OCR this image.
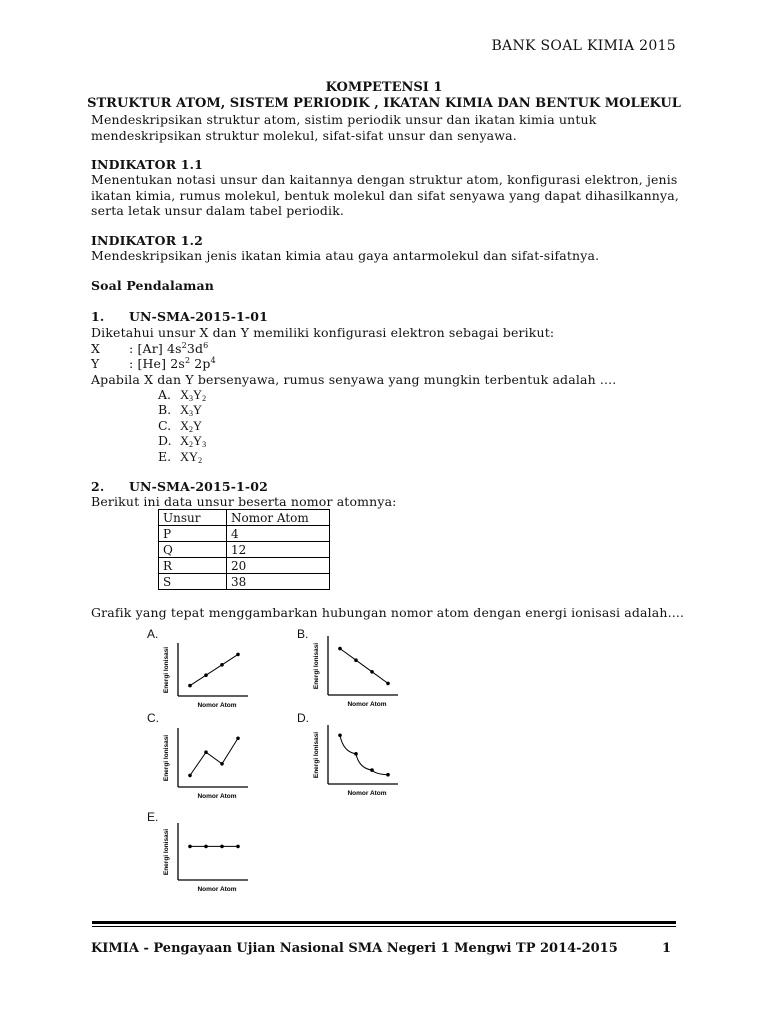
BANK SOAL KIMIA 2015
KOMPETENSI 1
STRUKTUR ATOM, SISTEM PERIODIK , IKATAN KIMIA DAN BENTUK MOLEKUL
Mendeskripsikan struktur atom, sistim periodik unsur dan ikatan kimia untuk
mendeskripsikan struktur molekul, sifat-sifat unsur dan senyawa.
INDIKATOR 1.1
Menentukan notasi unsur dan kaitannya dengan struktur atom, konfigurasi elektron, jenis
ikatan kimia, rumus molekul, bentuk molekul dan sifat senyawa yang dapat dihasilkannya,
serta letak unsur dalam tabel periodik.
INDIKATOR 1.2
Mendeskripsikan jenis ikatan kimia atau gaya antarmolekul dan sifat-sifatnya.
Soal Pendalaman
1. UN-SMA-2015-1-01
Diketahui unsur X dan Y memiliki konfigurasi elektron sebagai berikut:
X : [Ar] $4s^23d^6$
Y : [He] $2s^2$ $2p^4$
Apabila X dan Y bersenyawa, rumus senyawa yang mungkin terbentuk adalah ....
A. $X_3Y_2$
B. $X_3Y$
C. $X_2Y$
D. $X_2Y_3$
E. $XY_2$
2. UN-SMA-2015-1-02
Berikut ini data unsur beserta nomor atomnya:
Unsur	Nomor Atom
P	4
Q	12
R	20
S	38
Grafik yang tepat menggambarkan hubungan nomor atom dengan energi ionisasi adalah....
A.	B.
C.	D.
E.
Energi Ionisasi
Nomor Atom
Energi Ionisasi
Nomor Atom
Energi Ionisasi
Nomor Atom
Energi Ionisasi
Nomor Atom
Energi Ionisasi
Nomor Atom
KIMIA - Pengayaan Ujian Nasional SMA Negeri 1 Mengwi TP 2014-2015	1
